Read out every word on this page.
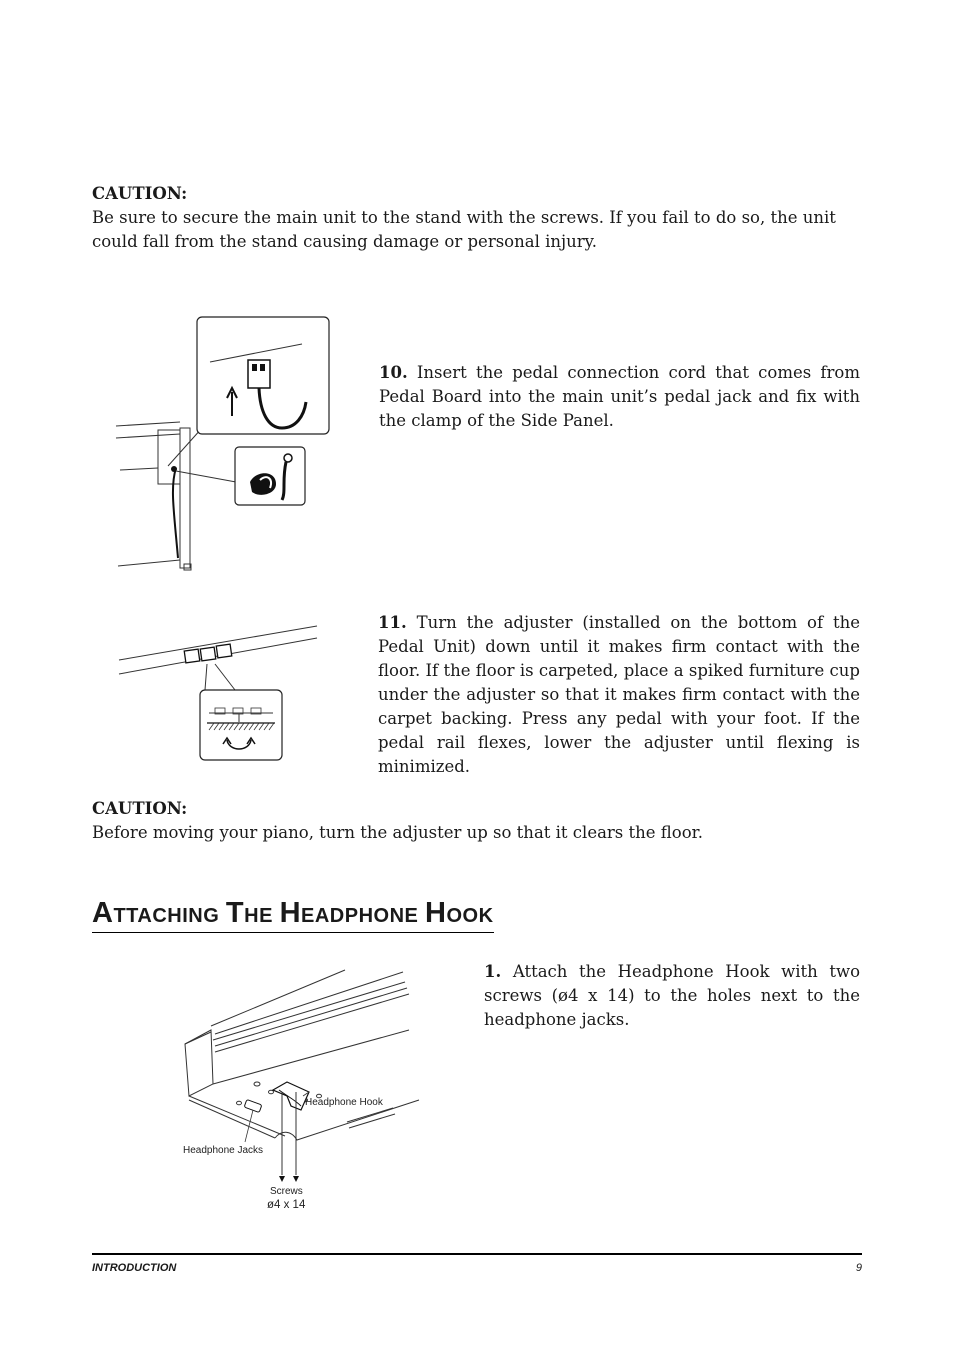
CAUTION:
Be sure to secure the main unit to the stand with the screws. If you fail to do so, the unit could fall from the stand causing damage or personal injury.
10. Insert the pedal connection cord that comes from Pedal Board into the main unit’s pedal jack and fix with the clamp of the Side Panel.
11. Turn the adjuster (installed on the bottom of the Pedal Unit) down until it makes firm contact with the floor. If the floor is carpeted, place a spiked furniture cup under the adjuster so that it makes firm contact with the carpet backing. Press any pedal with your foot. If the pedal rail flexes, lower the adjuster until flexing is minimized.
CAUTION:
Before moving your piano, turn the adjuster up so that it clears the floor.
ATTACHING THE HEADPHONE HOOK
1. Attach the Headphone Hook with two screws (ø4 x 14) to the holes next to the headphone jacks.
Headphone Hook
Headphone Jacks
Screws
ø4 x 14
INTRODUCTION	9
